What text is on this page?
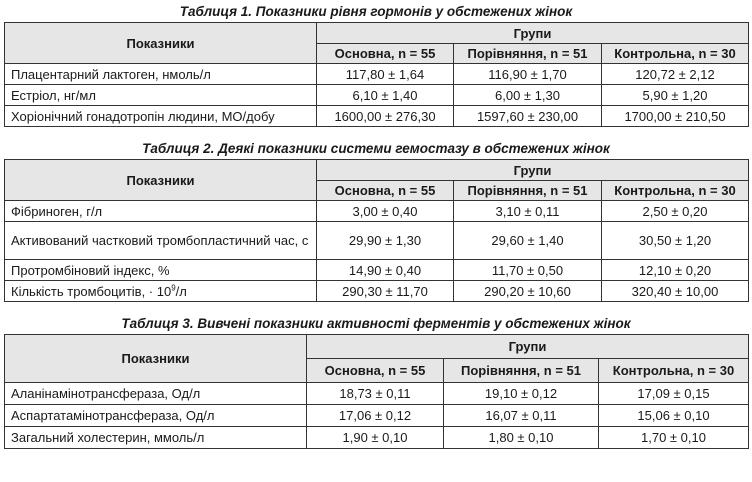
Таблиця 1. Показники рівня гормонів у обстежених жінок
Показники	Групи		
	Основна, n = 55	Порівняння, n = 51	Контрольна, n = 30
Плацентарний лактоген, нмоль/л	117,80 ± 1,64	116,90 ± 1,70	120,72 ± 2,12
Естріол, нг/мл	6,10 ± 1,40	6,00 ± 1,30	5,90 ± 1,20
Хоріонічний гонадотропін людини, МО/добу	1600,00 ± 276,30	1597,60 ± 230,00	1700,00 ± 210,50
Таблиця 2. Деякі показники системи гемостазу в обстежених жінок
Показники	Групи		
	Основна, n = 55	Порівняння, n = 51	Контрольна, n = 30
Фібриноген, г/л	3,00 ± 0,40	3,10 ± 0,11	2,50 ± 0,20
Активований частковий тромбопластичний час, с	29,90 ± 1,30	29,60 ± 1,40	30,50 ± 1,20
Протромбіновий індекс, %	14,90 ± 0,40	11,70 ± 0,50	12,10 ± 0,20
Кількість тромбоцитів, · $10^9/л$	290,30 ± 11,70	290,20 ± 10,60	320,40 ± 10,00
Таблиця 3. Вивчені показники активності ферментів у обстежених жінок
Показники	Групи		
	Основна, n = 55	Порівняння, n = 51	Контрольна, n = 30
Аланінамінотрансфераза, Од/л	18,73 ± 0,11	19,10 ± 0,12	17,09 ± 0,15
Аспартатамінотрансфераза, Од/л	17,06 ± 0,12	16,07 ± 0,11	15,06 ± 0,10
Загальний холестерин, ммоль/л	1,90 ± 0,10	1,80 ± 0,10	1,70 ± 0,10
